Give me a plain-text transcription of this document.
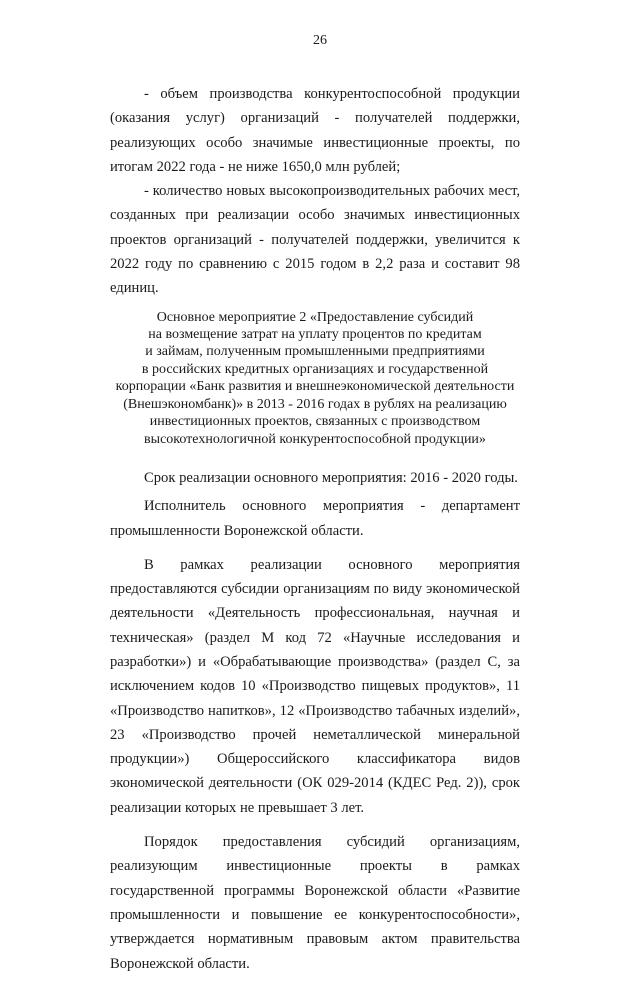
26

- объем производства конкурентоспособной продукции (оказания услуг) организаций - получателей поддержки, реализующих особо значимые инвестиционные проекты, по итогам 2022 года - не ниже 1650,0 млн рублей;

- количество новых высокопроизводительных рабочих мест, созданных при реализации особо значимых инвестиционных проектов организаций - получателей поддержки, увеличится к 2022 году по сравнению с 2015 годом в 2,2 раза и составит 98 единиц.

Основное мероприятие 2 «Предоставление субсидий
на возмещение затрат на уплату процентов по кредитам
и займам, полученным промышленными предприятиями
в российских кредитных организациях и государственной
корпорации «Банк развития и внешнеэкономической деятельности
(Внешэкономбанк)» в 2013 - 2016 годах в рублях на реализацию
инвестиционных проектов, связанных с производством
высокотехнологичной конкурентоспособной продукции»

Срок реализации основного мероприятия: 2016 - 2020 годы.

Исполнитель основного мероприятия - департамент промышленности Воронежской области.

В рамках реализации основного мероприятия предоставляются субсидии организациям по виду экономической деятельности «Деятельность профессиональная, научная и техническая» (раздел М код 72 «Научные исследования и разработки») и «Обрабатывающие производства» (раздел С, за исключением кодов 10 «Производство пищевых продуктов», 11 «Производство напитков», 12 «Производство табачных изделий», 23 «Производство прочей неметаллической минеральной продукции») Общероссийского классификатора видов экономической деятельности (ОК 029-2014 (КДЕС Ред. 2)), срок реализации которых не превышает 3 лет.

Порядок предоставления субсидий организациям, реализующим инвестиционные проекты в рамках государственной программы Воронежской области «Развитие промышленности и повышение ее конкурентоспособности», утверждается нормативным правовым актом правительства Воронежской области.
